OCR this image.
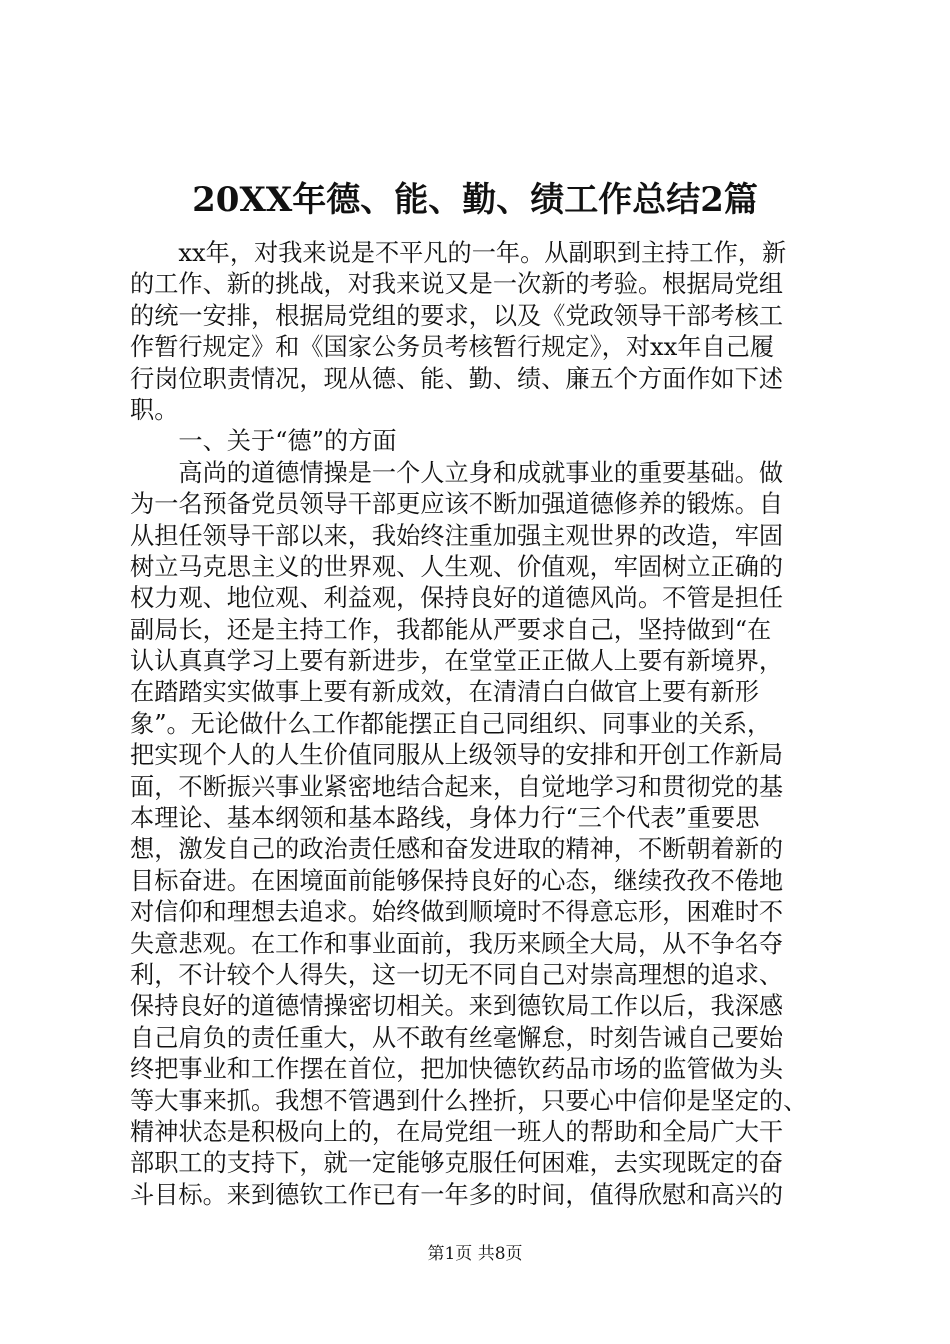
20XX年德、能、勤、绩工作总结2篇
　　xx年，对我来说是不平凡的一年。从副职到主持工作，新
的工作、新的挑战，对我来说又是一次新的考验。根据局党组
的统一安排，根据局党组的要求，以及《党政领导干部考核工
作暂行规定》和《国家公务员考核暂行规定》，对xx年自己履
行岗位职责情况，现从德、能、勤、绩、廉五个方面作如下述
职。
　　一、关于“德”的方面
　　高尚的道德情操是一个人立身和成就事业的重要基础。做
为一名预备党员领导干部更应该不断加强道德修养的锻炼。自
从担任领导干部以来，我始终注重加强主观世界的改造，牢固
树立马克思主义的世界观、人生观、价值观，牢固树立正确的
权力观、地位观、利益观，保持良好的道德风尚。不管是担任
副局长，还是主持工作，我都能从严要求自己，坚持做到“在
认认真真学习上要有新进步，在堂堂正正做人上要有新境界，
在踏踏实实做事上要有新成效，在清清白白做官上要有新形
象”。无论做什么工作都能摆正自己同组织、同事业的关系，
把实现个人的人生价值同服从上级领导的安排和开创工作新局
面，不断振兴事业紧密地结合起来，自觉地学习和贯彻党的基
本理论、基本纲领和基本路线，身体力行“三个代表”重要思
想，激发自己的政治责任感和奋发进取的精神，不断朝着新的
目标奋进。在困境面前能够保持良好的心态，继续孜孜不倦地
对信仰和理想去追求。始终做到顺境时不得意忘形，困难时不
失意悲观。在工作和事业面前，我历来顾全大局，从不争名夺
利，不计较个人得失，这一切无不同自己对崇高理想的追求、
保持良好的道德情操密切相关。来到德钦局工作以后，我深感
自己肩负的责任重大，从不敢有丝毫懈怠，时刻告诫自己要始
终把事业和工作摆在首位，把加快德钦药品市场的监管做为头
等大事来抓。我想不管遇到什么挫折，只要心中信仰是坚定的、
精神状态是积极向上的，在局党组一班人的帮助和全局广大干
部职工的支持下，就一定能够克服任何困难，去实现既定的奋
斗目标。来到德钦工作已有一年多的时间，值得欣慰和高兴的
第1页 共8页
